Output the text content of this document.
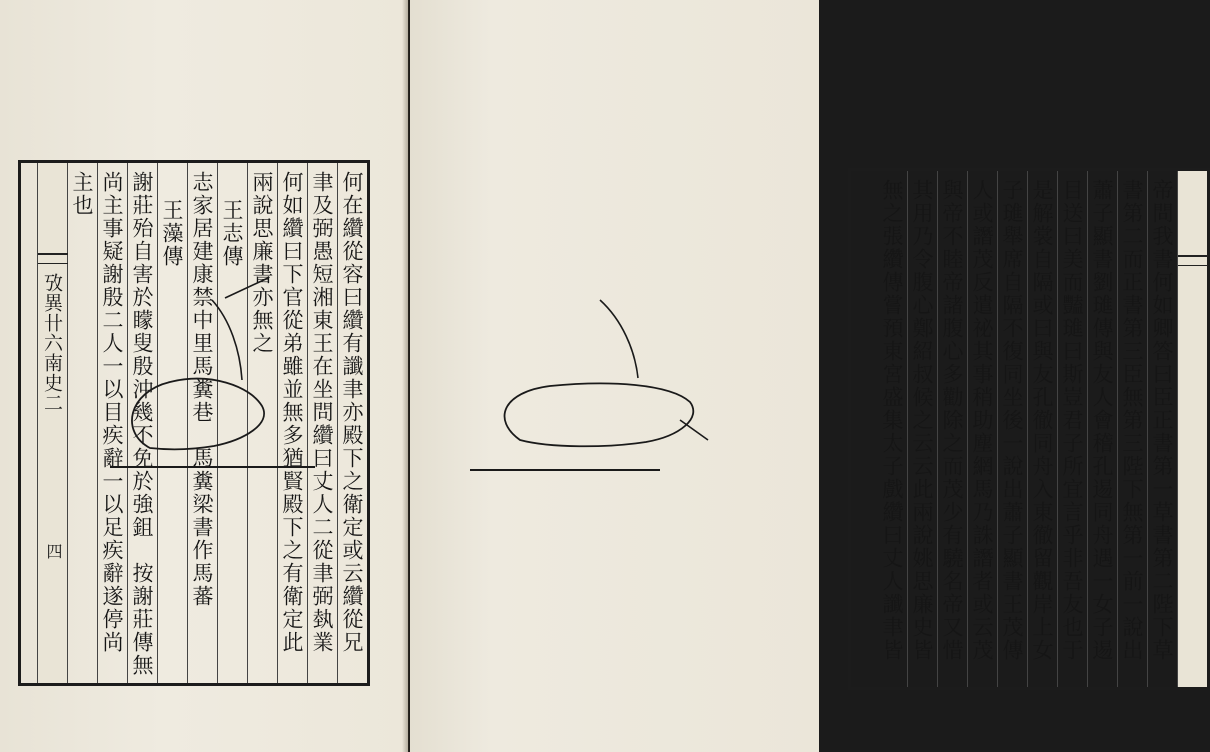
何在纘從容曰纘有讖聿亦殿下之衛定或云纘從兄
聿及弼愚短湘東王在坐問纘曰丈人二從聿弼埶業
何如纘曰下官從弟雖並無多猶賢殿下之有衛定此
兩說思廉書亦無之
王志傳
志家居建康禁中里馬糞巷　馬糞梁書作馬蕃
王藻傳
謝莊殆自害於矇叟殷沖幾不免於強鉏　按謝莊傳無
尚主事疑謝殷二人一以目疾辭一以足疾辭遂停尚
主也
攷異卄六南史二
四	帝問我書何如卿答曰臣正書第一草書第二陛下草
書第二而正書第三臣無第三陛下無第一前一說出
蕭子顯書劉璡傳與友人會稽孔逷同舟遇一女子逷
目送曰美而豔璡曰斯豈君子所宜言乎非吾友也于
是解裳自隔或曰與友孔徹同舟入東徹留觀岸上女
子璡舉席自隔不復同坐後一說出蕭子顯書王茂傳
人或譖茂反遣祕其事稍助塵網馬乃誅譖者或云茂
與帝不睦帝諸腹心多勸除之而茂少有驍名帝又惜
其用乃令腹心鄭紹叔候之云云此兩說姚思廉史皆
無之張纘傳嘗預東宮盛集太子戲纘曰丈人讖聿皆
